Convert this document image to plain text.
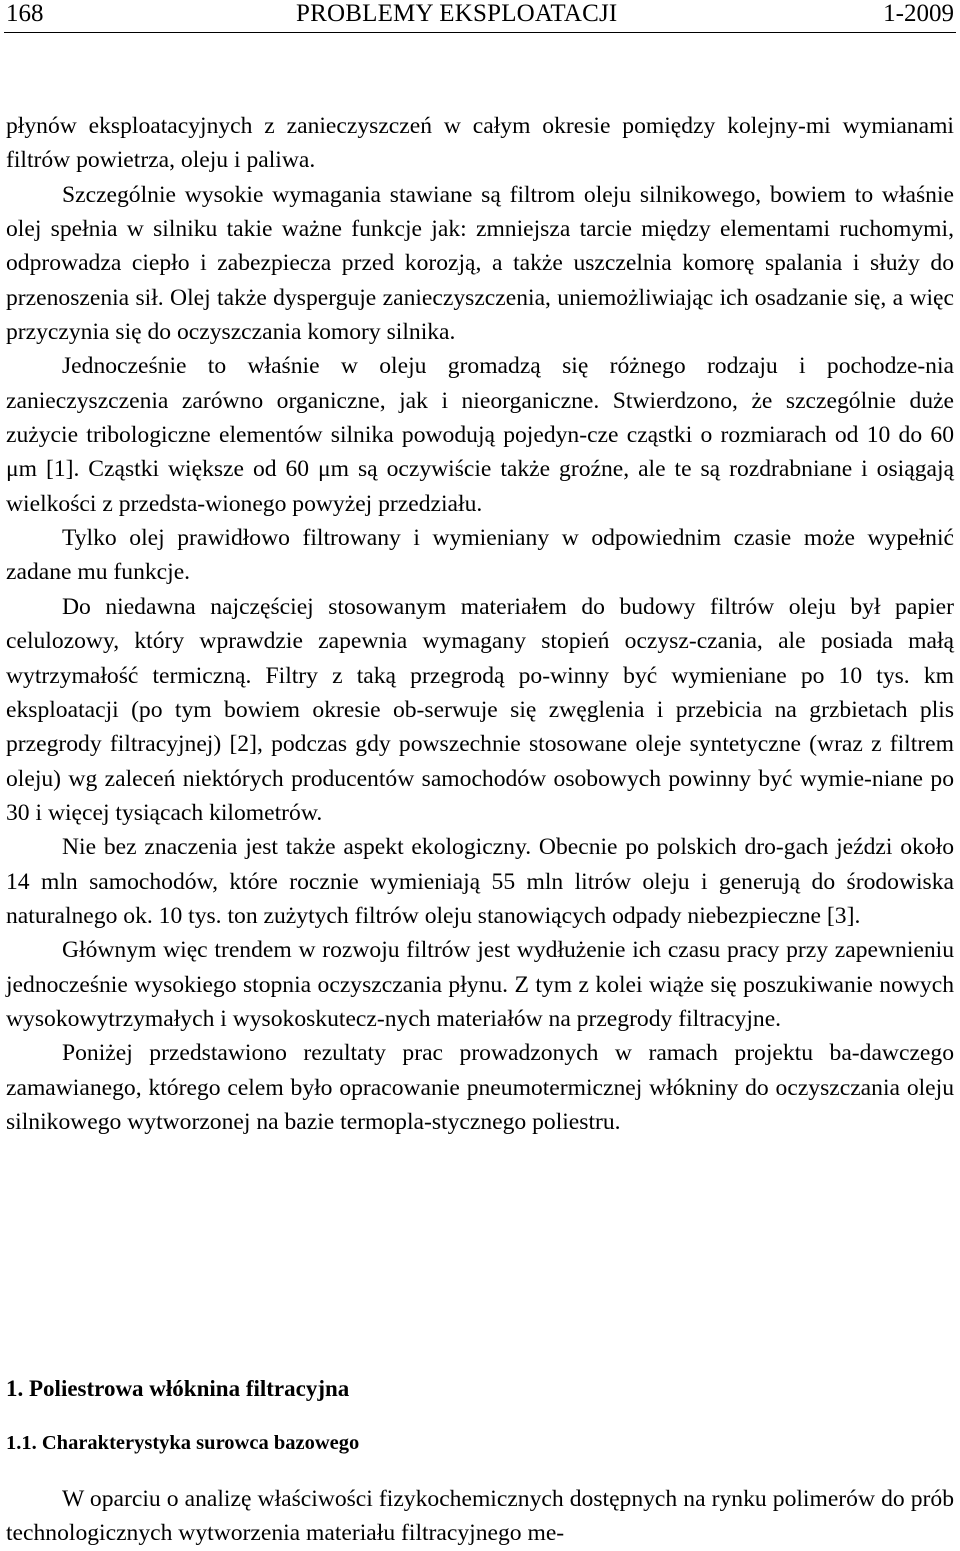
168	PROBLEMY EKSPLOATACJI	1-2009

płynów eksploatacyjnych z zanieczyszczeń w całym okresie pomiędzy kolejny-mi wymianami filtrów powietrza, oleju i paliwa.

Szczególnie wysokie wymagania stawiane są filtrom oleju silnikowego, bowiem to właśnie olej spełnia w silniku takie ważne funkcje jak: zmniejsza tarcie między elementami ruchomymi, odprowadza ciepło i zabezpiecza przed korozją, a także uszczelnia komorę spalania i służy do przenoszenia sił. Olej także dysperguje zanieczyszczenia, uniemożliwiając ich osadzanie się, a więc przyczynia się do oczyszczania komory silnika.

Jednocześnie to właśnie w oleju gromadzą się różnego rodzaju i pochodze-nia zanieczyszczenia zarówno organiczne, jak i nieorganiczne. Stwierdzono, że szczególnie duże zużycie tribologiczne elementów silnika powodują pojedyn-cze cząstki o rozmiarach od 10 do 60 μm [1]. Cząstki większe od 60 μm są oczywiście także groźne, ale te są rozdrabniane i osiągają wielkości z przedsta-wionego powyżej przedziału.

Tylko olej prawidłowo filtrowany i wymieniany w odpowiednim czasie może wypełnić zadane mu funkcje.

Do niedawna najczęściej stosowanym materiałem do budowy filtrów oleju był papier celulozowy, który wprawdzie zapewnia wymagany stopień oczysz-czania, ale posiada małą wytrzymałość termiczną. Filtry z taką przegrodą po-winny być wymieniane po 10 tys. km eksploatacji (po tym bowiem okresie ob-serwuje się zwęglenia i przebicia na grzbietach plis przegrody filtracyjnej) [2], podczas gdy powszechnie stosowane oleje syntetyczne (wraz z filtrem oleju) wg zaleceń niektórych producentów samochodów osobowych powinny być wymie-niane po 30 i więcej tysiącach kilometrów.

Nie bez znaczenia jest także aspekt ekologiczny. Obecnie po polskich dro-gach jeździ około 14 mln samochodów, które rocznie wymieniają 55 mln litrów oleju i generują do środowiska naturalnego ok. 10 tys. ton zużytych filtrów oleju stanowiących odpady niebezpieczne [3].

Głównym więc trendem w rozwoju filtrów jest wydłużenie ich czasu pracy przy zapewnieniu jednocześnie wysokiego stopnia oczyszczania płynu. Z tym z kolei wiąże się poszukiwanie nowych wysokowytrzymałych i wysokoskutecz-nych materiałów na przegrody filtracyjne.

Poniżej przedstawiono rezultaty prac prowadzonych w ramach projektu ba-dawczego zamawianego, którego celem było opracowanie pneumotermicznej włókniny do oczyszczania oleju silnikowego wytworzonej na bazie termopla-stycznego poliestru.

1. Poliestrowa włóknina filtracyjna
1.1. Charakterystyka surowca bazowego

W oparciu o analizę właściwości fizykochemicznych dostępnych na rynku polimerów do prób technologicznych wytworzenia materiału filtracyjnego me-
